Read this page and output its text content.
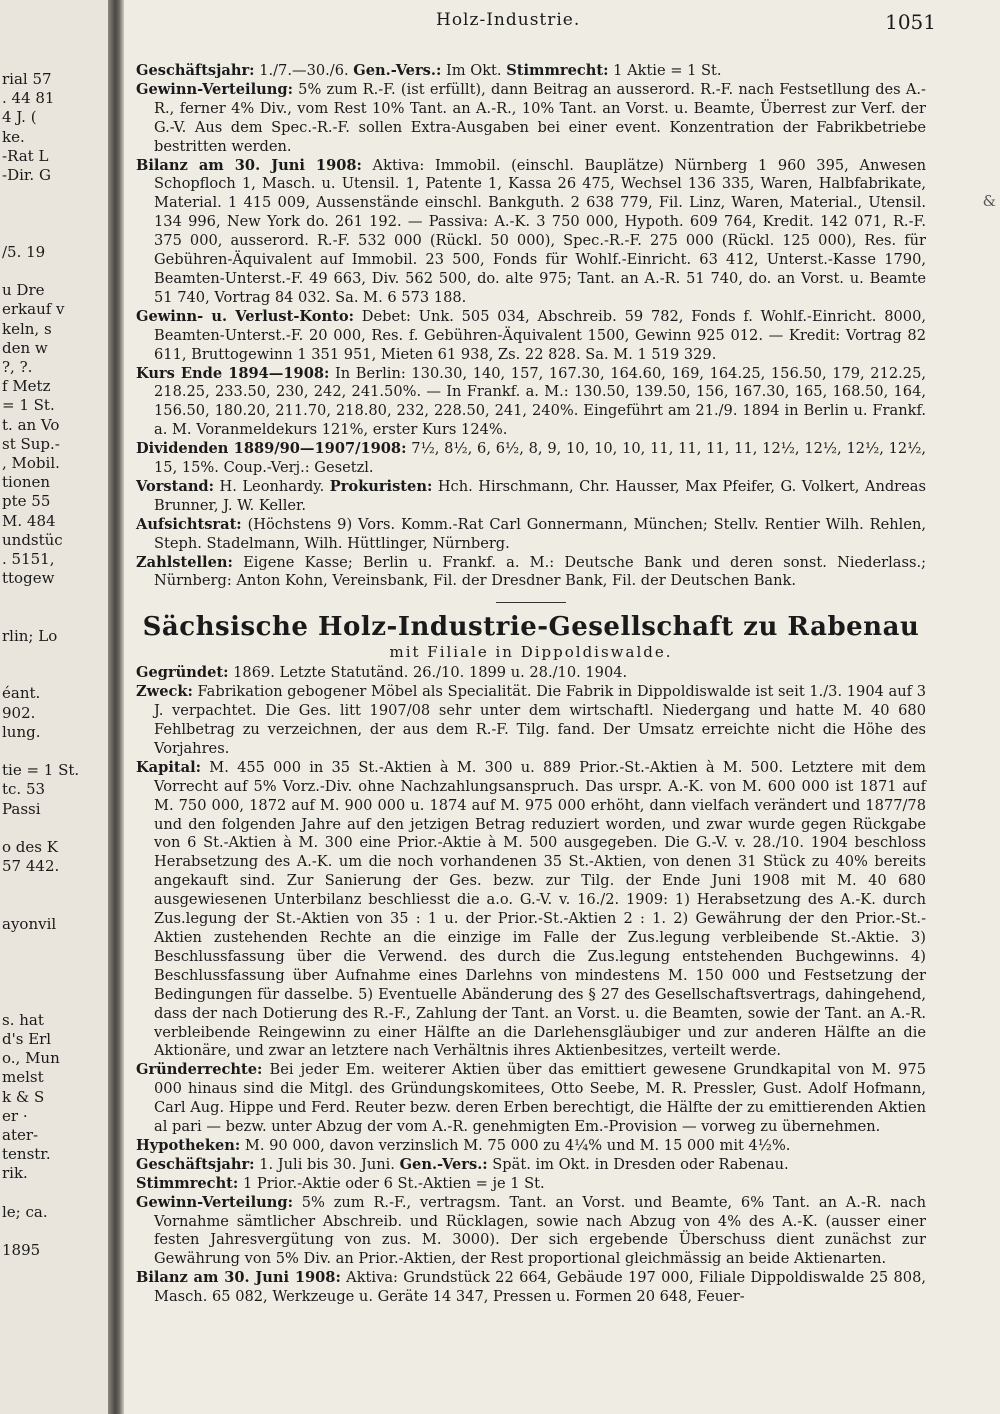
rial 57
. 44 81
4 J. (
ke.
-Rat L
-Dir. G
/5. 19
u Dre
erkauf v
keln, s
den w
?, ?.
f Metz
= 1 St.
t. an Vo
st Sup.-
, Mobil.
tionen
pte 55
M. 484
undstüc
. 5151,
ttogew
rlin; Lo
éant.
902.
lung.
tie = 1 St.
tc. 53
Passi
o des K
57 442.
ayonvil
s. hat
d's Erl
o., Mun
melst
k & S
er ·
ater-
tenstr.
rik.
le; ca.
1895
Holz-Industrie.	1051
&

Geschäftsjahr: 1./7.—30./6. Gen.-Vers.: Im Okt. Stimmrecht: 1 Aktie = 1 St.

Gewinn-Verteilung: 5% zum R.-F. (ist erfüllt), dann Beitrag an ausserord. R.-F. nach Festsetllung des A.-R., ferner 4% Div., vom Rest 10% Tant. an A.-R., 10% Tant. an Vorst. u. Beamte, Überrest zur Verf. der G.-V. Aus dem Spec.-R.-F. sollen Extra-Ausgaben bei einer event. Konzentration der Fabrikbetriebe bestritten werden.

Bilanz am 30. Juni 1908: Aktiva: Immobil. (einschl. Bauplätze) Nürnberg 1 960 395, Anwesen Schopfloch 1, Masch. u. Utensil. 1, Patente 1, Kassa 26 475, Wechsel 136 335, Waren, Halbfabrikate, Material. 1 415 009, Aussenstände einschl. Bankguth. 2 638 779, Fil. Linz, Waren, Material., Utensil. 134 996, New York do. 261 192. — Passiva: A.-K. 3 750 000, Hypoth. 609 764, Kredit. 142 071, R.-F. 375 000, ausserord. R.-F. 532 000 (Rückl. 50 000), Spec.-R.-F. 275 000 (Rückl. 125 000), Res. für Gebühren-Äquivalent auf Immobil. 23 500, Fonds für Wohlf.-Einricht. 63 412, Unterst.-Kasse 1790, Beamten-Unterst.-F. 49 663, Div. 562 500, do. alte 975; Tant. an A.-R. 51 740, do. an Vorst. u. Beamte 51 740, Vortrag 84 032. Sa. M. 6 573 188.

Gewinn- u. Verlust-Konto: Debet: Unk. 505 034, Abschreib. 59 782, Fonds f. Wohlf.-Einricht. 8000, Beamten-Unterst.-F. 20 000, Res. f. Gebühren-Äquivalent 1500, Gewinn 925 012. — Kredit: Vortrag 82 611, Bruttogewinn 1 351 951, Mieten 61 938, Zs. 22 828. Sa. M. 1 519 329.

Kurs Ende 1894—1908: In Berlin: 130.30, 140, 157, 167.30, 164.60, 169, 164.25, 156.50, 179, 212.25, 218.25, 233.50, 230, 242, 241.50%. — In Frankf. a. M.: 130.50, 139.50, 156, 167.30, 165, 168.50, 164, 156.50, 180.20, 211.70, 218.80, 232, 228.50, 241, 240%. Eingeführt am 21./9. 1894 in Berlin u. Frankf. a. M. Voranmeldekurs 121%, erster Kurs 124%.

Dividenden 1889/90—1907/1908: 7½, 8½, 6, 6½, 8, 9, 10, 10, 10, 11, 11, 11, 11, 12½, 12½, 12½, 12½, 15, 15%. Coup.-Verj.: Gesetzl.

Vorstand: H. Leonhardy. Prokuristen: Hch. Hirschmann, Chr. Hausser, Max Pfeifer, G. Volkert, Andreas Brunner, J. W. Keller.

Aufsichtsrat: (Höchstens 9) Vors. Komm.-Rat Carl Gonnermann, München; Stellv. Rentier Wilh. Rehlen, Steph. Stadelmann, Wilh. Hüttlinger, Nürnberg.

Zahlstellen: Eigene Kasse; Berlin u. Frankf. a. M.: Deutsche Bank und deren sonst. Niederlass.; Nürnberg: Anton Kohn, Vereinsbank, Fil. der Dresdner Bank, Fil. der Deutschen Bank.

Sächsische Holz-Industrie-Gesellschaft zu Rabenau
mit Filiale in Dippoldiswalde.

Gegründet: 1869. Letzte Statutänd. 26./10. 1899 u. 28./10. 1904.

Zweck: Fabrikation gebogener Möbel als Specialität. Die Fabrik in Dippoldiswalde ist seit 1./3. 1904 auf 3 J. verpachtet. Die Ges. litt 1907/08 sehr unter dem wirtschaftl. Niedergang und hatte M. 40 680 Fehlbetrag zu verzeichnen, der aus dem R.-F. Tilg. fand. Der Umsatz erreichte nicht die Höhe des Vorjahres.

Kapital: M. 455 000 in 35 St.-Aktien à M. 300 u. 889 Prior.-St.-Aktien à M. 500. Letztere mit dem Vorrecht auf 5% Vorz.-Div. ohne Nachzahlungsanspruch. Das urspr. A.-K. von M. 600 000 ist 1871 auf M. 750 000, 1872 auf M. 900 000 u. 1874 auf M. 975 000 erhöht, dann vielfach verändert und 1877/78 und den folgenden Jahre auf den jetzigen Betrag reduziert worden, und zwar wurde gegen Rückgabe von 6 St.-Aktien à M. 300 eine Prior.-Aktie à M. 500 ausgegeben. Die G.-V. v. 28./10. 1904 beschloss Herabsetzung des A.-K. um die noch vorhandenen 35 St.-Aktien, von denen 31 Stück zu 40% bereits angekauft sind. Zur Sanierung der Ges. bezw. zur Tilg. der Ende Juni 1908 mit M. 40 680 ausgewiesenen Unterbilanz beschliesst die a.o. G.-V. v. 16./2. 1909: 1) Herabsetzung des A.-K. durch Zus.legung der St.-Aktien von 35 : 1 u. der Prior.-St.-Aktien 2 : 1. 2) Gewährung der den Prior.-St.-Aktien zustehenden Rechte an die einzige im Falle der Zus.legung verbleibende St.-Aktie. 3) Beschlussfassung über die Verwend. des durch die Zus.legung entstehenden Buchgewinns. 4) Beschlussfassung über Aufnahme eines Darlehns von mindestens M. 150 000 und Festsetzung der Bedingungen für dasselbe. 5) Eventuelle Abänderung des § 27 des Gesellschaftsvertrags, dahingehend, dass der nach Dotierung des R.-F., Zahlung der Tant. an Vorst. u. die Beamten, sowie der Tant. an A.-R. verbleibende Reingewinn zu einer Hälfte an die Darlehensgläubiger und zur anderen Hälfte an die Aktionäre, und zwar an letztere nach Verhältnis ihres Aktienbesitzes, verteilt werde.

Gründerrechte: Bei jeder Em. weiterer Aktien über das emittiert gewesene Grundkapital von M. 975 000 hinaus sind die Mitgl. des Gründungskomitees, Otto Seebe, M. R. Pressler, Gust. Adolf Hofmann, Carl Aug. Hippe und Ferd. Reuter bezw. deren Erben berechtigt, die Hälfte der zu emittierenden Aktien al pari — bezw. unter Abzug der vom A.-R. genehmigten Em.-Provision — vorweg zu übernehmen.

Hypotheken: M. 90 000, davon verzinslich M. 75 000 zu 4¼% und M. 15 000 mit 4½%.

Geschäftsjahr: 1. Juli bis 30. Juni. Gen.-Vers.: Spät. im Okt. in Dresden oder Rabenau.

Stimmrecht: 1 Prior.-Aktie oder 6 St.-Aktien = je 1 St.

Gewinn-Verteilung: 5% zum R.-F., vertragsm. Tant. an Vorst. und Beamte, 6% Tant. an A.-R. nach Vornahme sämtlicher Abschreib. und Rücklagen, sowie nach Abzug von 4% des A.-K. (ausser einer festen Jahresvergütung von zus. M. 3000). Der sich ergebende Überschuss dient zunächst zur Gewährung von 5% Div. an Prior.-Aktien, der Rest proportional gleichmässig an beide Aktienarten.

Bilanz am 30. Juni 1908: Aktiva: Grundstück 22 664, Gebäude 197 000, Filiale Dippoldiswalde 25 808, Masch. 65 082, Werkzeuge u. Geräte 14 347, Pressen u. Formen 20 648, Feuer-
